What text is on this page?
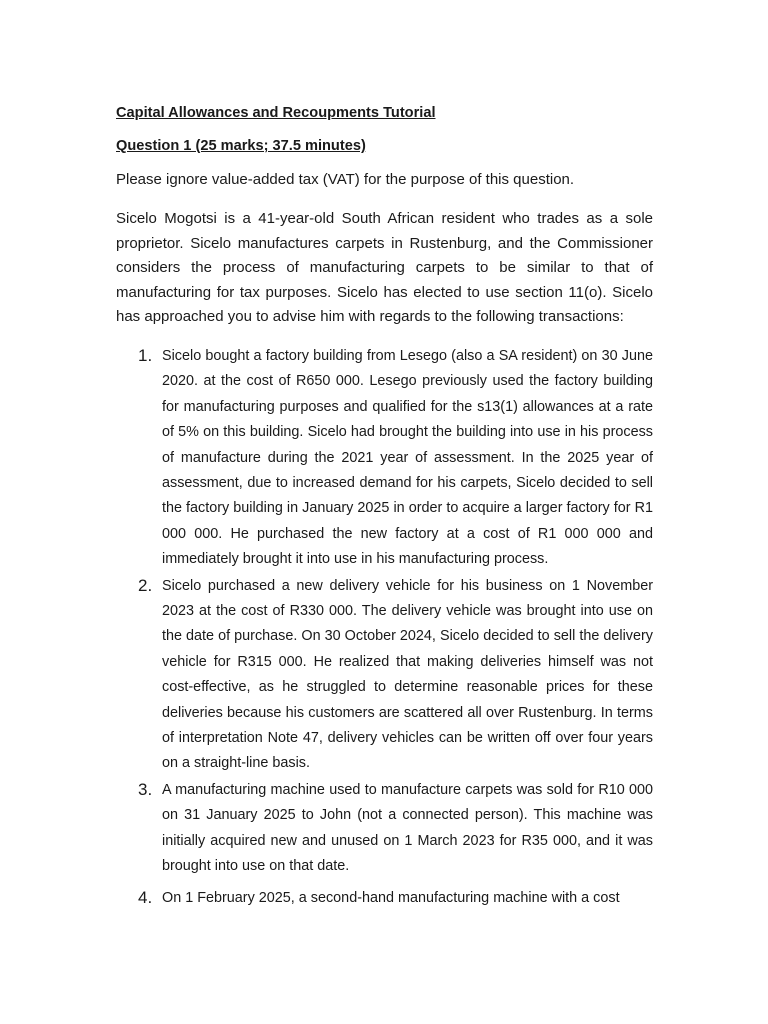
Capital Allowances and Recoupments Tutorial

Question 1 (25 marks; 37.5 minutes)

Please ignore value-added tax (VAT) for the purpose of this question.

Sicelo Mogotsi is a 41-year-old South African resident who trades as a sole proprietor. Sicelo manufactures carpets in Rustenburg, and the Commissioner considers the process of manufacturing carpets to be similar to that of manufacturing for tax purposes. Sicelo has elected to use section 11(o). Sicelo has approached you to advise him with regards to the following transactions:

1. Sicelo bought a factory building from Lesego (also a SA resident) on 30 June 2020. at the cost of R650 000. Lesego previously used the factory building for manufacturing purposes and qualified for the s13(1) allowances at a rate of 5% on this building. Sicelo had brought the building into use in his process of manufacture during the 2021 year of assessment. In the 2025 year of assessment, due to increased demand for his carpets, Sicelo decided to sell the factory building in January 2025 in order to acquire a larger factory for R1 000 000. He purchased the new factory at a cost of R1 000 000 and immediately brought it into use in his manufacturing process.
2. Sicelo purchased a new delivery vehicle for his business on 1 November 2023 at the cost of R330 000. The delivery vehicle was brought into use on the date of purchase. On 30 October 2024, Sicelo decided to sell the delivery vehicle for R315 000. He realized that making deliveries himself was not cost-effective, as he struggled to determine reasonable prices for these deliveries because his customers are scattered all over Rustenburg. In terms of interpretation Note 47, delivery vehicles can be written off over four years on a straight-line basis.
3. A manufacturing machine used to manufacture carpets was sold for R10 000 on 31 January 2025 to John (not a connected person). This machine was initially acquired new and unused on 1 March 2023 for R35 000, and it was brought into use on that date.
4. On 1 February 2025, a second-hand manufacturing machine with a cost
